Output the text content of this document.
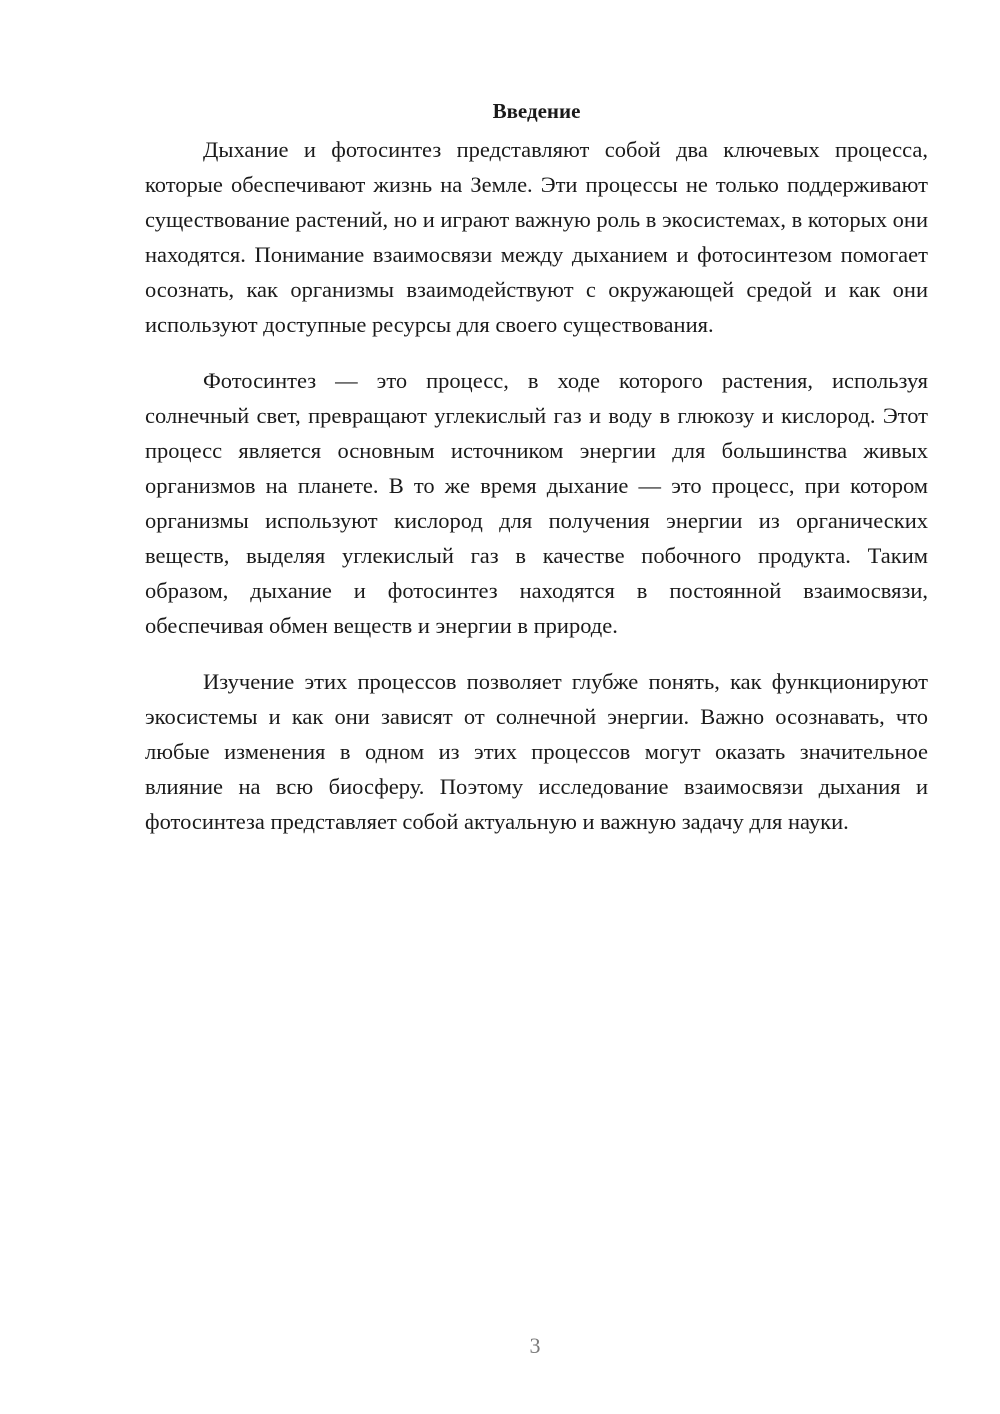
Введение

Дыхание и фотосинтез представляют собой два ключевых процесса, которые обеспечивают жизнь на Земле. Эти процессы не только поддерживают существование растений, но и играют важную роль в экосистемах, в которых они находятся. Понимание взаимосвязи между дыханием и фотосинтезом помогает осознать, как организмы взаимодействуют с окружающей средой и как они используют доступные ресурсы для своего существования.

Фотосинтез — это процесс, в ходе которого растения, используя солнечный свет, превращают углекислый газ и воду в глюкозу и кислород. Этот процесс является основным источником энергии для большинства живых организмов на планете. В то же время дыхание — это процесс, при котором организмы используют кислород для получения энергии из органических веществ, выделяя углекислый газ в качестве побочного продукта. Таким образом, дыхание и фотосинтез находятся в постоянной взаимосвязи, обеспечивая обмен веществ и энергии в природе.

Изучение этих процессов позволяет глубже понять, как функционируют экосистемы и как они зависят от солнечной энергии. Важно осознавать, что любые изменения в одном из этих процессов могут оказать значительное влияние на всю биосферу. Поэтому исследование взаимосвязи дыхания и фотосинтеза представляет собой актуальную и важную задачу для науки.

3
